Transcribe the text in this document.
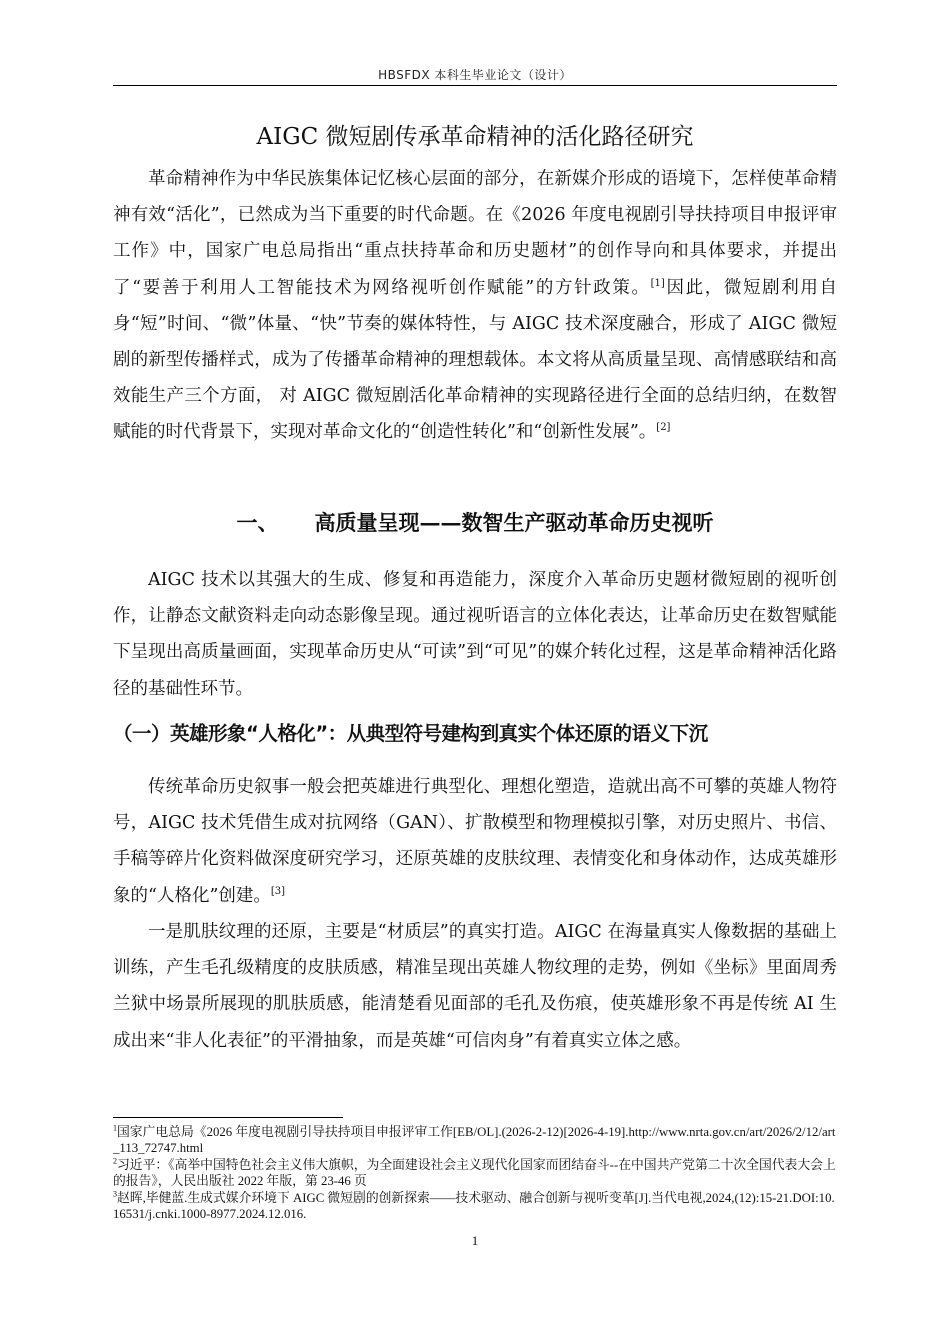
HBSFDX 本科生毕业论文（设计）
AIGC 微短剧传承革命精神的活化路径研究

革命精神作为中华民族集体记忆核心层面的部分，在新媒介形成的语境下，怎样使革命精神有效“活化”，已然成为当下重要的时代命题。在《2026 年度电视剧引导扶持项目申报评审工作》中，国家广电总局指出“重点扶持革命和历史题材”的创作导向和具体要求，并提出了“要善于利用人工智能技术为网络视听创作赋能”的方针政策。[1]因此，微短剧利用自身“短”时间、“微”体量、“快”节奏的媒体特性，与 AIGC 技术深度融合，形成了 AIGC 微短剧的新型传播样式，成为了传播革命精神的理想载体。本文将从高质量呈现、高情感联结和高效能生产三个方面， 对 AIGC 微短剧活化革命精神的实现路径进行全面的总结归纳，在数智赋能的时代背景下，实现对革命文化的“创造性转化”和“创新性发展”。[2]

一、 高质量呈现——数智生产驱动革命历史视听

AIGC 技术以其强大的生成、修复和再造能力，深度介入革命历史题材微短剧的视听创作，让静态文献资料走向动态影像呈现。通过视听语言的立体化表达，让革命历史在数智赋能下呈现出高质量画面，实现革命历史从“可读”到“可见”的媒介转化过程，这是革命精神活化路径的基础性环节。

（一）英雄形象“人格化”：从典型符号建构到真实个体还原的语义下沉

传统革命历史叙事一般会把英雄进行典型化、理想化塑造，造就出高不可攀的英雄人物符号，AIGC 技术凭借生成对抗网络（GAN）、扩散模型和物理模拟引擎，对历史照片、书信、手稿等碎片化资料做深度研究学习，还原英雄的皮肤纹理、表情变化和身体动作，达成英雄形象的“人格化”创建。[3]

一是肌肤纹理的还原，主要是“材质层”的真实打造。AIGC 在海量真实人像数据的基础上训练，产生毛孔级精度的皮肤质感，精准呈现出英雄人物纹理的走势，例如《坐标》里面周秀兰狱中场景所展现的肌肤质感，能清楚看见面部的毛孔及伤痕，使英雄形象不再是传统 AI 生成出来“非人化表征”的平滑抽象，而是英雄“可信肉身”有着真实立体之感。

$^1$国家广电总局《2026 年度电视剧引导扶持项目申报评审工作[EB/OL].(2026-2-12)[2026-4-19].http://www.nrta.gov.cn/art/2026/2/12/art_113_72747.html
$^2$习近平：《高举中国特色社会主义伟大旗帜，为全面建设社会主义现代化国家而团结奋斗--在中国共产党第二十次全国代表大会上的报告》，人民出版社 2022 年版，第 23-46 页
$^3$赵晖,毕健蓝.生成式媒介环境下 AIGC 微短剧的创新探索——技术驱动、融合创新与视听变革[J].当代电视,2024,(12):15-21.DOI:10.16531/j.cnki.1000-8977.2024.12.016.
1
